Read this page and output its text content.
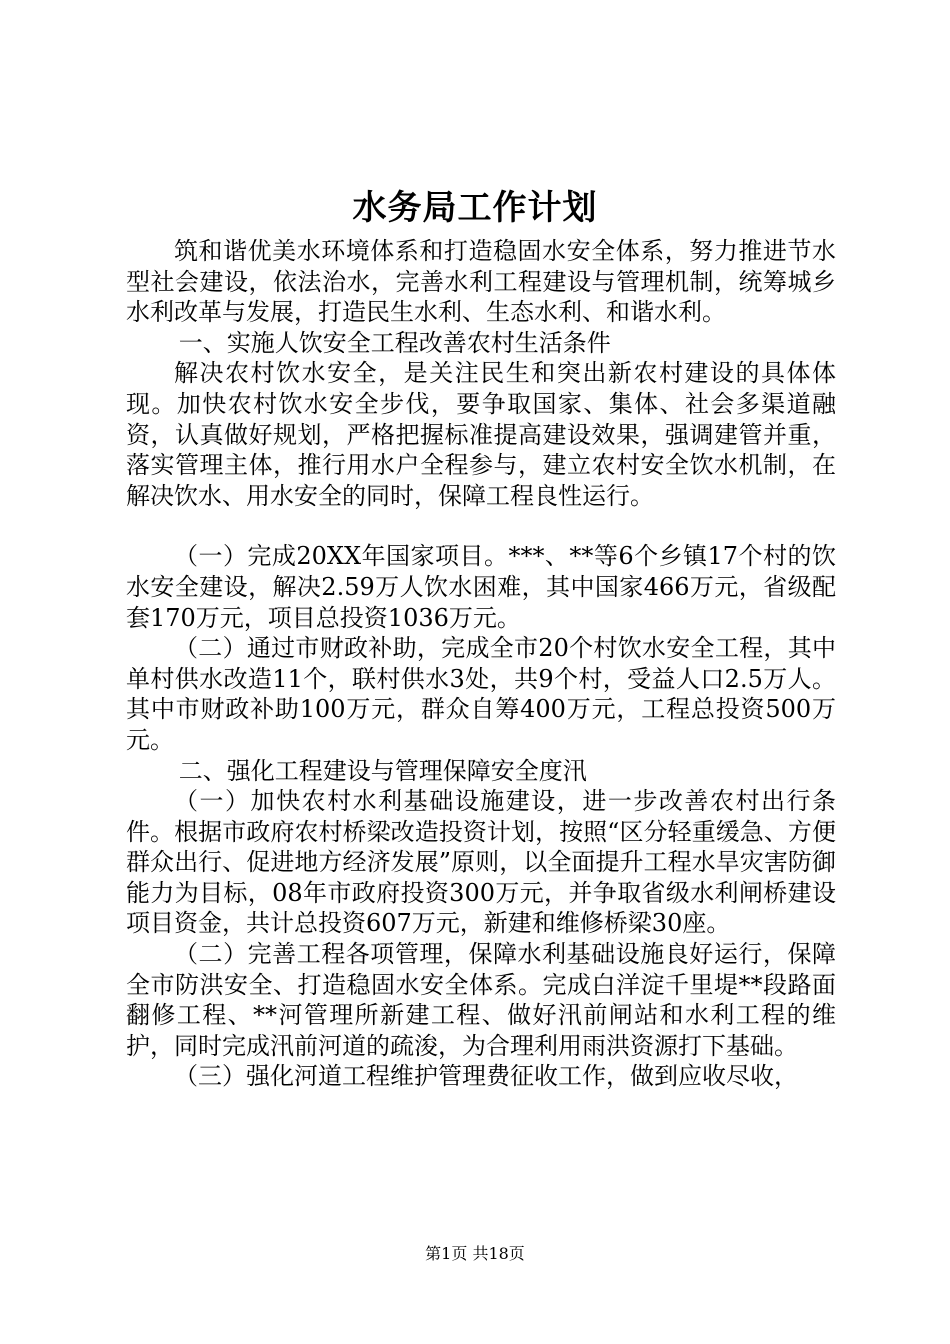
水务局工作计划

筑和谐优美水环境体系和打造稳固水安全体系，努力推进节水型社会建设，依法治水，完善水利工程建设与管理机制，统筹城乡水利改革与发展，打造民生水利、生态水利、和谐水利。

一、实施人饮安全工程改善农村生活条件

解决农村饮水安全，是关注民生和突出新农村建设的具体体现。加快农村饮水安全步伐，要争取国家、集体、社会多渠道融资，认真做好规划，严格把握标准提高建设效果，强调建管并重，落实管理主体，推行用水户全程参与，建立农村安全饮水机制，在解决饮水、用水安全的同时，保障工程良性运行。

（一）完成20XX年国家项目。***、**等6个乡镇17个村的饮水安全建设，解决2.59万人饮水困难，其中国家466万元，省级配套170万元，项目总投资1036万元。

（二）通过市财政补助，完成全市20个村饮水安全工程，其中单村供水改造11个，联村供水3处，共9个村，受益人口2.5万人。其中市财政补助100万元，群众自筹400万元，工程总投资500万元。

二、强化工程建设与管理保障安全度汛

（一）加快农村水利基础设施建设，进一步改善农村出行条件。根据市政府农村桥梁改造投资计划，按照“区分轻重缓急、方便群众出行、促进地方经济发展”原则，以全面提升工程水旱灾害防御能力为目标，08年市政府投资300万元，并争取省级水利闸桥建设项目资金，共计总投资607万元，新建和维修桥梁30座。

（二）完善工程各项管理，保障水利基础设施良好运行，保障全市防洪安全、打造稳固水安全体系。完成白洋淀千里堤**段路面翻修工程、**河管理所新建工程、做好汛前闸站和水利工程的维护，同时完成汛前河道的疏浚，为合理利用雨洪资源打下基础。

（三）强化河道工程维护管理费征收工作，做到应收尽收，

第1页 共18页
